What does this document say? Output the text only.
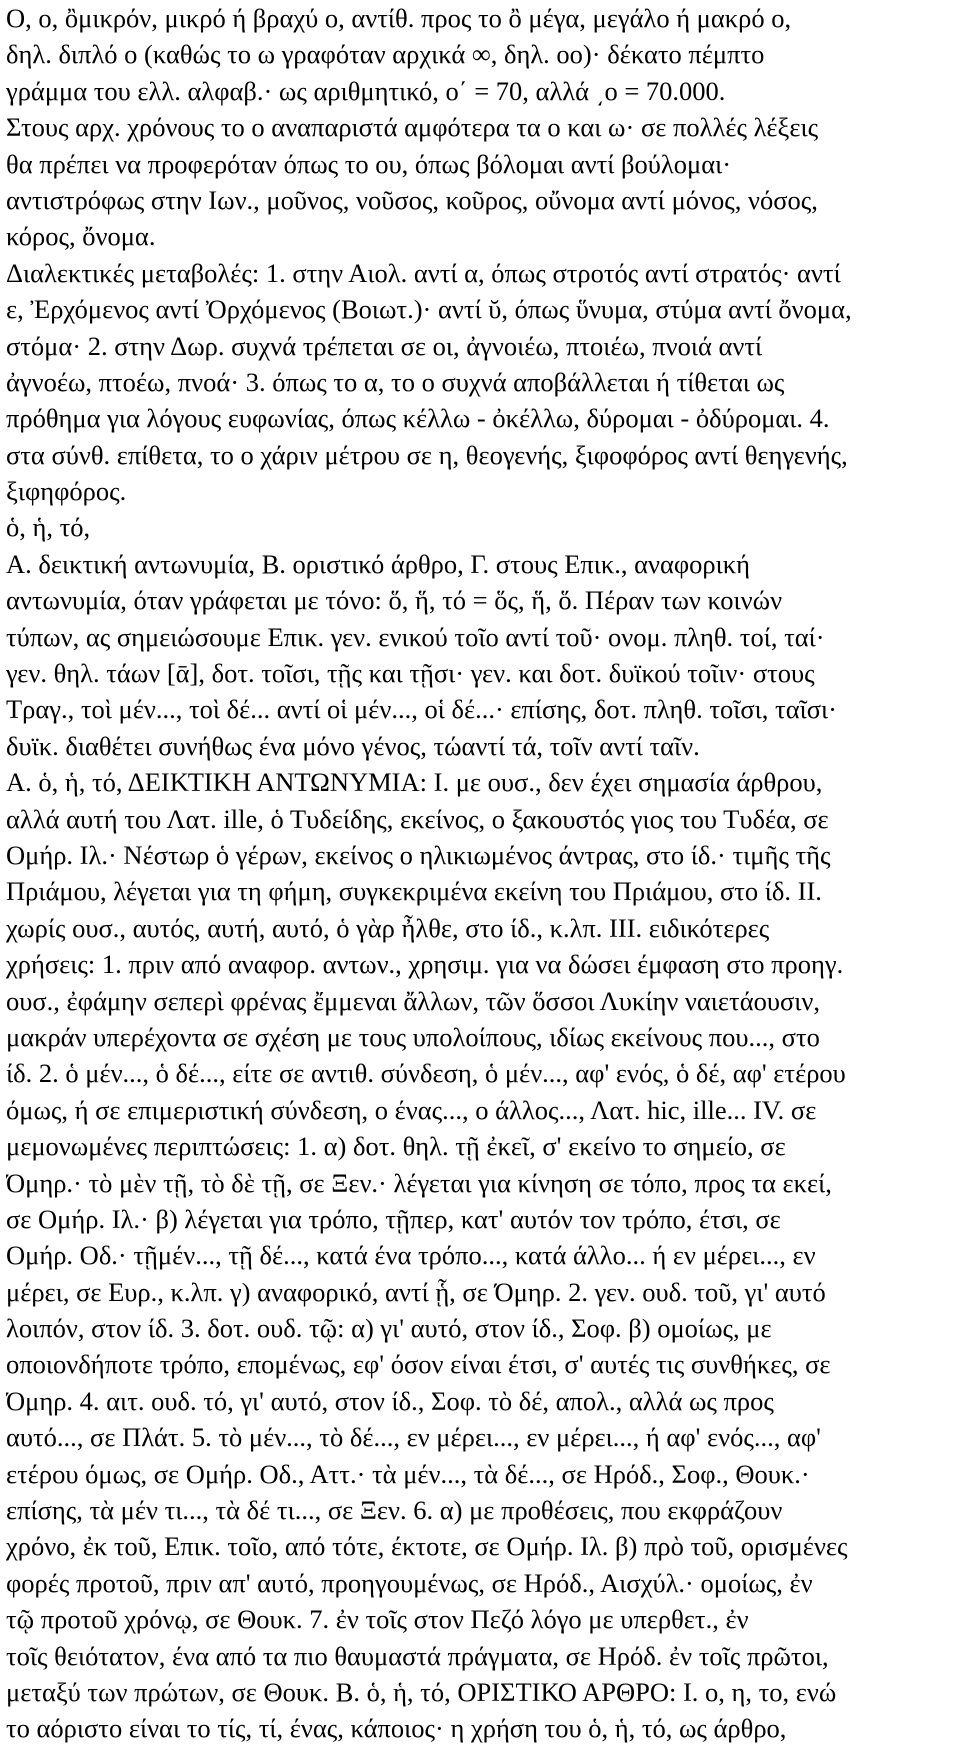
Ο, ο, ὂμικρόν, μικρό ή βραχύ ο, αντίθ. προς το ὂ μέγα, μεγάλο ή μακρό ο,
δηλ. διπλό ο (καθώς το ω γραφόταν αρχικά ∞, δηλ. οο)· δέκατο πέμπτο
γράμμα του ελλ. αλφαβ.· ως αριθμητικό, ο΄ = 70, αλλά ͵ο = 70.000.
Στους αρχ. χρόνους το ο αναπαριστά αμφότερα τα ο και ω· σε πολλές λέξεις
θα πρέπει να προφερόταν όπως το ου, όπως βόλομαι αντί βούλομαι·
αντιστρόφως στην Ιων., μοῦνος, νοῦσος, κοῦρος, οὔνομα αντί μόνος, νόσος,
κόρος, ὄνομα.
Διαλεκτικές μεταβολές: 1. στην Αιολ. αντί α, όπως στροτός αντί στρατός· αντί
ε, Ἐρχόμενος αντί Ὀρχόμενος (Βοιωτ.)· αντί ῠ, όπως ὕνυμα, στύμα αντί ὄνομα,
στόμα· 2. στην Δωρ. συχνά τρέπεται σε οι, ἀγνοιέω, πτοιέω, πνοιά αντί
ἀγνοέω, πτοέω, πνοά· 3. όπως το α, το ο συχνά αποβάλλεται ή τίθεται ως
πρόθημα για λόγους ευφωνίας, όπως κέλλω - ὀκέλλω, δύρομαι - ὀδύρομαι. 4.
στα σύνθ. επίθετα, το ο χάριν μέτρου σε η, θεογενής, ξιφοφόρος αντί θεηγενής,
ξιφηφόρος.
ὁ, ἡ, τό,
Α. δεικτική αντωνυμία, Β. οριστικό άρθρο, Γ. στους Επικ., αναφορική
αντωνυμία, όταν γράφεται με τόνο: ὅ, ἥ, τό = ὅς, ἥ, ὅ. Πέραν των κοινών
τύπων, ας σημειώσουμε Επικ. γεν. ενικού τοῖο αντί τοῦ· ονομ. πληθ. τοί, ταί·
γεν. θηλ. τάων [ᾱ], δοτ. τοῖσι, τῇς και τῇσι· γεν. και δοτ. δυϊκού τοῖιν· στους
Τραγ., τοὶ μέν..., τοὶ δέ... αντί οἱ μέν..., οἱ δέ...· επίσης, δοτ. πληθ. τοῖσι, ταῖσι·
δυϊκ. διαθέτει συνήθως ένα μόνο γένος, τώαντί τά, τοῖν αντί ταῖν.
Α. ὁ, ἡ, τό, ΔΕΙΚΤΙΚΗ ΑΝΤΩΝΥΜΙΑ: Ι. με ουσ., δεν έχει σημασία άρθρου,
αλλά αυτή του Λατ. ille, ὁ Τυδείδης, εκείνος, ο ξακουστός γιος του Τυδέα, σε
Ομήρ. Ιλ.· Νέστωρ ὁ γέρων, εκείνος ο ηλικιωμένος άντρας, στο ίδ.· τιμῆς τῆς
Πριάμου, λέγεται για τη φήμη, συγκεκριμένα εκείνη του Πριάμου, στο ίδ. ΙΙ.
χωρίς ουσ., αυτός, αυτή, αυτό, ὁ γὰρ ἦλθε, στο ίδ., κ.λπ. ΙΙΙ. ειδικότερες
χρήσεις: 1. πριν από αναφορ. αντων., χρησιμ. για να δώσει έμφαση στο προηγ.
ουσ., ἐφάμην σεπερὶ φρένας ἔμμεναι ἄλλων, τῶν ὅσσοι Λυκίην ναιετάουσιν,
μακράν υπερέχοντα σε σχέση με τους υπολοίπους, ιδίως εκείνους που..., στο
ίδ. 2. ὁ μέν..., ὁ δέ..., είτε σε αντιθ. σύνδεση, ὁ μέν..., αφ' ενός, ὁ δέ, αφ' ετέρου
όμως, ή σε επιμεριστική σύνδεση, ο ένας..., ο άλλος..., Λατ. hic, ille... ΙV. σε
μεμονωμένες περιπτώσεις: 1. α) δοτ. θηλ. τῇ ἐκεῖ, σ' εκείνο το σημείο, σε
Όμηρ.· τὸ μὲν τῇ, τὸ δὲ τῇ, σε Ξεν.· λέγεται για κίνηση σε τόπο, προς τα εκεί,
σε Ομήρ. Ιλ.· β) λέγεται για τρόπο, τῇπερ, κατ' αυτόν τον τρόπο, έτσι, σε
Ομήρ. Οδ.· τῇμέν..., τῇ δέ..., κατά ένα τρόπο..., κατά άλλο... ή εν μέρει..., εν
μέρει, σε Ευρ., κ.λπ. γ) αναφορικό, αντί ᾗ, σε Όμηρ. 2. γεν. ουδ. τοῦ, γι' αυτό
λοιπόν, στον ίδ. 3. δοτ. ουδ. τῷ: α) γι' αυτό, στον ίδ., Σοφ. β) ομοίως, με
οποιονδήποτε τρόπο, επομένως, εφ' όσον είναι έτσι, σ' αυτές τις συνθήκες, σε
Όμηρ. 4. αιτ. ουδ. τό, γι' αυτό, στον ίδ., Σοφ. τὸ δέ, απολ., αλλά ως προς
αυτό..., σε Πλάτ. 5. τὸ μέν..., τὸ δέ..., εν μέρει..., εν μέρει..., ή αφ' ενός..., αφ'
ετέρου όμως, σε Ομήρ. Οδ., Αττ.· τὰ μέν..., τὰ δέ..., σε Ηρόδ., Σοφ., Θουκ.·
επίσης, τὰ μέν τι..., τὰ δέ τι..., σε Ξεν. 6. α) με προθέσεις, που εκφράζουν
χρόνο, ἐκ τοῦ, Επικ. τοῖο, από τότε, έκτοτε, σε Ομήρ. Ιλ. β) πρὸ τοῦ, ορισμένες
φορές προτοῦ, πριν απ' αυτό, προηγουμένως, σε Ηρόδ., Αισχύλ.· ομοίως, ἐν
τῷ προτοῦ χρόνῳ, σε Θουκ. 7. ἐν τοῖς στον Πεζό λόγο με υπερθετ., ἐν
τοῖς θειότατον, ένα από τα πιο θαυμαστά πράγματα, σε Ηρόδ. ἐν τοῖς πρῶτοι,
μεταξύ των πρώτων, σε Θουκ. Β. ὁ, ἡ, τό, ΟΡΙΣΤΙΚΟ ΑΡΘΡΟ: Ι. ο, η, το, ενώ
το αόριστο είναι το τίς, τί, ένας, κάποιος· η χρήση του ὁ, ἡ, τό, ως άρθρο,
